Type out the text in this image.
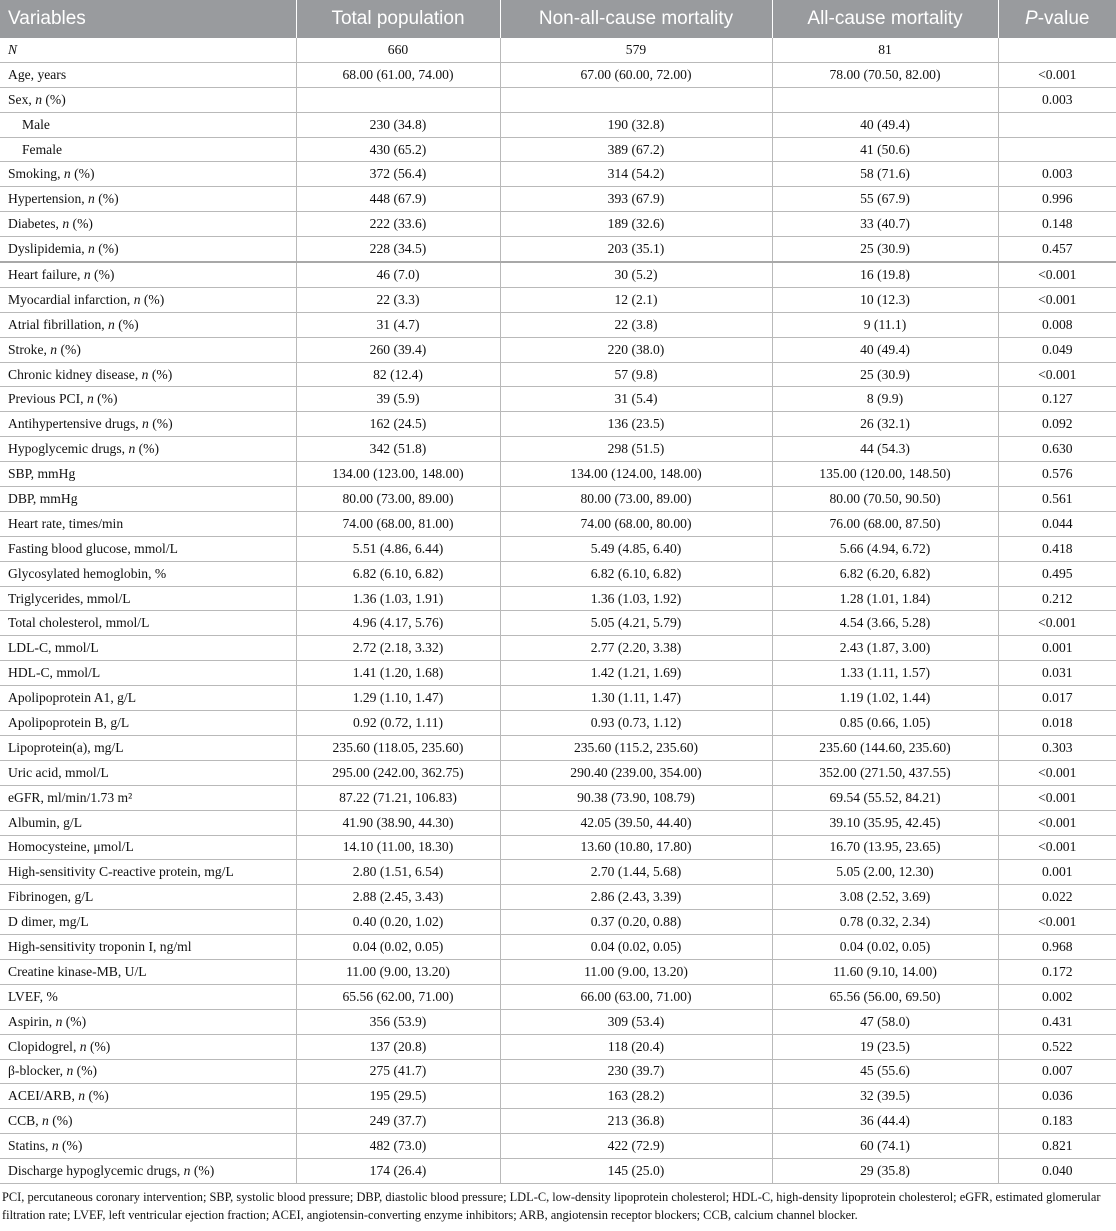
Variables	Total population	Non-all-cause mortality	All-cause mortality	P-value
N	660	579	81	
Age, years	68.00 (61.00, 74.00)	67.00 (60.00, 72.00)	78.00 (70.50, 82.00)	<0.001
Sex, n (%)				0.003
Male	230 (34.8)	190 (32.8)	40 (49.4)	
Female	430 (65.2)	389 (67.2)	41 (50.6)	
Smoking, n (%)	372 (56.4)	314 (54.2)	58 (71.6)	0.003
Hypertension, n (%)	448 (67.9)	393 (67.9)	55 (67.9)	0.996
Diabetes, n (%)	222 (33.6)	189 (32.6)	33 (40.7)	0.148
Dyslipidemia, n (%)	228 (34.5)	203 (35.1)	25 (30.9)	0.457
Heart failure, n (%)	46 (7.0)	30 (5.2)	16 (19.8)	<0.001
Myocardial infarction, n (%)	22 (3.3)	12 (2.1)	10 (12.3)	<0.001
Atrial fibrillation, n (%)	31 (4.7)	22 (3.8)	9 (11.1)	0.008
Stroke, n (%)	260 (39.4)	220 (38.0)	40 (49.4)	0.049
Chronic kidney disease, n (%)	82 (12.4)	57 (9.8)	25 (30.9)	<0.001
Previous PCI, n (%)	39 (5.9)	31 (5.4)	8 (9.9)	0.127
Antihypertensive drugs, n (%)	162 (24.5)	136 (23.5)	26 (32.1)	0.092
Hypoglycemic drugs, n (%)	342 (51.8)	298 (51.5)	44 (54.3)	0.630
SBP, mmHg	134.00 (123.00, 148.00)	134.00 (124.00, 148.00)	135.00 (120.00, 148.50)	0.576
DBP, mmHg	80.00 (73.00, 89.00)	80.00 (73.00, 89.00)	80.00 (70.50, 90.50)	0.561
Heart rate, times/min	74.00 (68.00, 81.00)	74.00 (68.00, 80.00)	76.00 (68.00, 87.50)	0.044
Fasting blood glucose, mmol/L	5.51 (4.86, 6.44)	5.49 (4.85, 6.40)	5.66 (4.94, 6.72)	0.418
Glycosylated hemoglobin, %	6.82 (6.10, 6.82)	6.82 (6.10, 6.82)	6.82 (6.20, 6.82)	0.495
Triglycerides, mmol/L	1.36 (1.03, 1.91)	1.36 (1.03, 1.92)	1.28 (1.01, 1.84)	0.212
Total cholesterol, mmol/L	4.96 (4.17, 5.76)	5.05 (4.21, 5.79)	4.54 (3.66, 5.28)	<0.001
LDL-C, mmol/L	2.72 (2.18, 3.32)	2.77 (2.20, 3.38)	2.43 (1.87, 3.00)	0.001
HDL-C, mmol/L	1.41 (1.20, 1.68)	1.42 (1.21, 1.69)	1.33 (1.11, 1.57)	0.031
Apolipoprotein A1, g/L	1.29 (1.10, 1.47)	1.30 (1.11, 1.47)	1.19 (1.02, 1.44)	0.017
Apolipoprotein B, g/L	0.92 (0.72, 1.11)	0.93 (0.73, 1.12)	0.85 (0.66, 1.05)	0.018
Lipoprotein(a), mg/L	235.60 (118.05, 235.60)	235.60 (115.2, 235.60)	235.60 (144.60, 235.60)	0.303
Uric acid, mmol/L	295.00 (242.00, 362.75)	290.40 (239.00, 354.00)	352.00 (271.50, 437.55)	<0.001
eGFR, ml/min/1.73 m²	87.22 (71.21, 106.83)	90.38 (73.90, 108.79)	69.54 (55.52, 84.21)	<0.001
Albumin, g/L	41.90 (38.90, 44.30)	42.05 (39.50, 44.40)	39.10 (35.95, 42.45)	<0.001
Homocysteine, μmol/L	14.10 (11.00, 18.30)	13.60 (10.80, 17.80)	16.70 (13.95, 23.65)	<0.001
High-sensitivity C-reactive protein, mg/L	2.80 (1.51, 6.54)	2.70 (1.44, 5.68)	5.05 (2.00, 12.30)	0.001
Fibrinogen, g/L	2.88 (2.45, 3.43)	2.86 (2.43, 3.39)	3.08 (2.52, 3.69)	0.022
D dimer, mg/L	0.40 (0.20, 1.02)	0.37 (0.20, 0.88)	0.78 (0.32, 2.34)	<0.001
High-sensitivity troponin I, ng/ml	0.04 (0.02, 0.05)	0.04 (0.02, 0.05)	0.04 (0.02, 0.05)	0.968
Creatine kinase-MB, U/L	11.00 (9.00, 13.20)	11.00 (9.00, 13.20)	11.60 (9.10, 14.00)	0.172
LVEF, %	65.56 (62.00, 71.00)	66.00 (63.00, 71.00)	65.56 (56.00, 69.50)	0.002
Aspirin, n (%)	356 (53.9)	309 (53.4)	47 (58.0)	0.431
Clopidogrel, n (%)	137 (20.8)	118 (20.4)	19 (23.5)	0.522
β-blocker, n (%)	275 (41.7)	230 (39.7)	45 (55.6)	0.007
ACEI/ARB, n (%)	195 (29.5)	163 (28.2)	32 (39.5)	0.036
CCB, n (%)	249 (37.7)	213 (36.8)	36 (44.4)	0.183
Statins, n (%)	482 (73.0)	422 (72.9)	60 (74.1)	0.821
Discharge hypoglycemic drugs, n (%)	174 (26.4)	145 (25.0)	29 (35.8)	0.040
PCI, percutaneous coronary intervention; SBP, systolic blood pressure; DBP, diastolic blood pressure; LDL-C, low-density lipoprotein cholesterol; HDL-C, high-density lipoprotein cholesterol; eGFR, estimated glomerular filtration rate; LVEF, left ventricular ejection fraction; ACEI, angiotensin-converting enzyme inhibitors; ARB, angiotensin receptor blockers; CCB, calcium channel blocker.
